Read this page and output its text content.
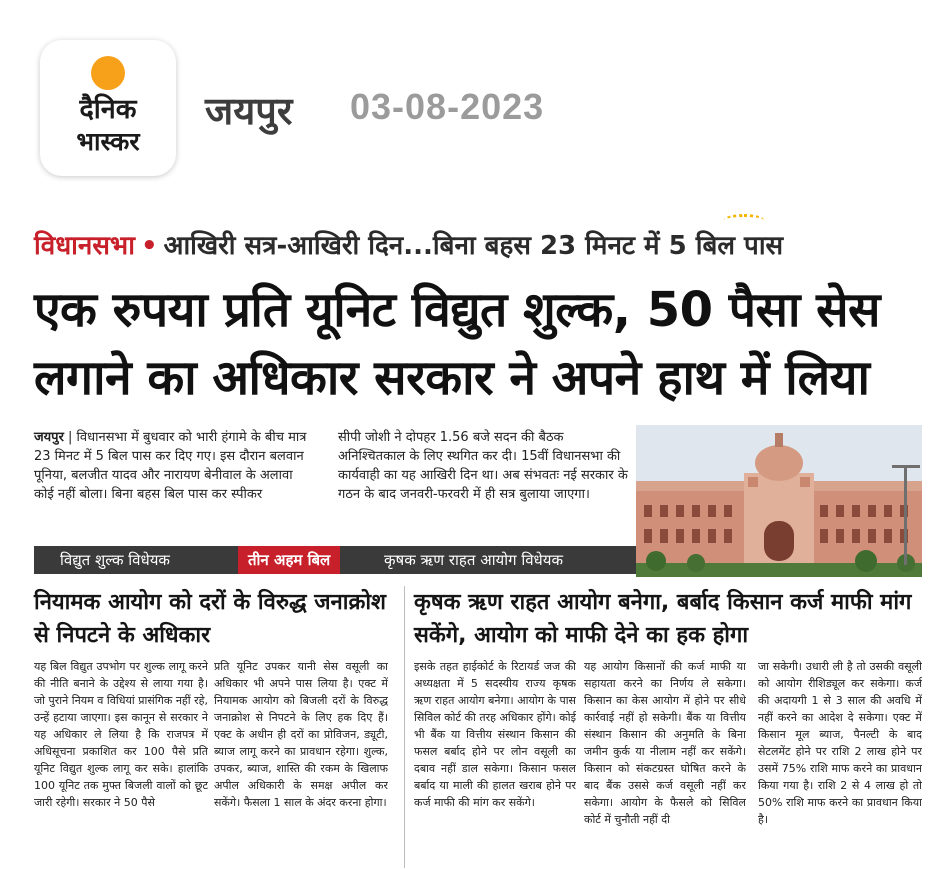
दैनिक
भास्कर
जयपुर 03-08-2023
विधानसभा • आखिरी सत्र-आखिरी दिन...बिना बहस 23 मिनट में 5 बिल पास
एक रुपया प्रति यूनिट विद्युत शुल्क, 50 पैसा सेस
लगाने का अधिकार सरकार ने अपने हाथ में लिया
जयपुर | विधानसभा में बुधवार को भारी हंगामे के बीच मात्र 23 मिनट में 5 बिल पास कर दिए गए। इस दौरान बलवान पूनिया, बलजीत यादव और नारायण बेनीवाल के अलावा कोई नहीं बोला। बिना बहस बिल पास कर स्पीकर
सीपी जोशी ने दोपहर 1.56 बजे सदन की बैठक अनिश्चितकाल के लिए स्थगित कर दी। 15वीं विधानसभा की कार्यवाही का यह आखिरी दिन था। अब संभवतः नई सरकार के गठन के बाद जनवरी-फरवरी में ही सत्र बुलाया जाएगा।
विद्युत शुल्क विधेयक	तीन अहम बिल	कृषक ऋण राहत आयोग विधेयक
नियामक आयोग को दरों के विरुद्ध जनाक्रोश से निपटने के अधिकार
कृषक ऋण राहत आयोग बनेगा, बर्बाद किसान कर्ज माफी मांग सकेंगे, आयोग को माफी देने का हक होगा
यह बिल विद्युत उपभोग पर शुल्क लागू करने की नीति बनाने के उद्देश्य से लाया गया है। जो पुराने नियम व विधियां प्रासंगिक नहीं रहे, उन्हें हटाया जाएगा। इस कानून से सरकार ने यह अधिकार ले लिया है कि राजपत्र में अधिसूचना प्रकाशित कर 100 पैसे प्रति यूनिट विद्युत शुल्क लागू कर सके। हालांकि 100 यूनिट तक मुफ्त बिजली वालों को छूट जारी रहेगी। सरकार ने 50 पैसे
प्रति यूनिट उपकर यानी सेस वसूली का अधिकार भी अपने पास लिया है। एक्ट में नियामक आयोग को बिजली दरों के विरुद्ध जनाक्रोश से निपटने के लिए हक दिए हैं। एक्ट के अधीन ही दरों का प्रोविजन, ड्यूटी, ब्याज लागू करने का प्रावधान रहेगा। शुल्क, उपकर, ब्याज, शास्ति की रकम के खिलाफ अपील अधिकारी के समक्ष अपील कर सकेंगे। फैसला 1 साल के अंदर करना होगा।
इसके तहत हाईकोर्ट के रिटायर्ड जज की अध्यक्षता में 5 सदस्यीय राज्य कृषक ऋण राहत आयोग बनेगा। आयोग के पास सिविल कोर्ट की तरह अधिकार होंगे। कोई भी बैंक या वित्तीय संस्थान किसान की फसल बर्बाद होने पर लोन वसूली का दबाव नहीं डाल सकेगा। किसान फसल बर्बाद या माली की हालत खराब होने पर कर्ज माफी की मांग कर सकेंगे।
यह आयोग किसानों की कर्ज माफी या सहायता करने का निर्णय ले सकेगा। किसान का केस आयोग में होने पर सीधे कार्रवाई नहीं हो सकेगी। बैंक या वित्तीय संस्थान किसान की अनुमति के बिना जमीन कुर्क या नीलाम नहीं कर सकेंगे। किसान को संकटग्रस्त घोषित करने के बाद बैंक उससे कर्ज वसूली नहीं कर सकेगा। आयोग के फैसले को सिविल कोर्ट में चुनौती नहीं दी
जा सकेगी। उधारी ली है तो उसकी वसूली को आयोग रीशिड्यूल कर सकेगा। कर्ज की अदायगी 1 से 3 साल की अवधि में नहीं करने का आदेश दे सकेगा। एक्ट में किसान मूल ब्याज, पैनल्टी के बाद सेटलमेंट होने पर राशि 2 लाख होने पर उसमें 75% राशि माफ करने का प्रावधान किया गया है। राशि 2 से 4 लाख हो तो 50% राशि माफ करने का प्रावधान किया है।
